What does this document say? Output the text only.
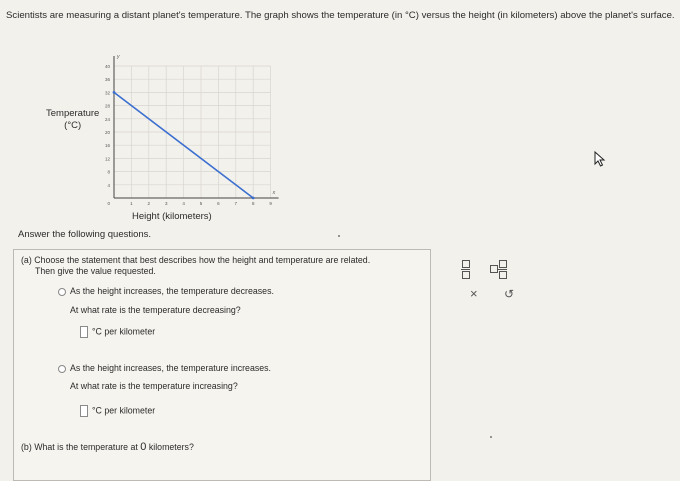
Scientists are measuring a distant planet's temperature. The graph shows the temperature (in °C) versus the height (in kilometers) above the planet's surface.
Temperature
(°C)
4
8
12
16
20
24
28
32
36
40
1	2	3	4	5	6	7	8	9
0
y
x
Height (kilometers)
Answer the following questions.
(a) Choose the statement that best describes how the height and temperature are related.
Then give the value requested.
As the height increases, the temperature decreases.
At what rate is the temperature decreasing?
°C per kilometer
As the height increases, the temperature increases.
At what rate is the temperature increasing?
°C per kilometer
(b) What is the temperature at 0 kilometers?
× ↺
